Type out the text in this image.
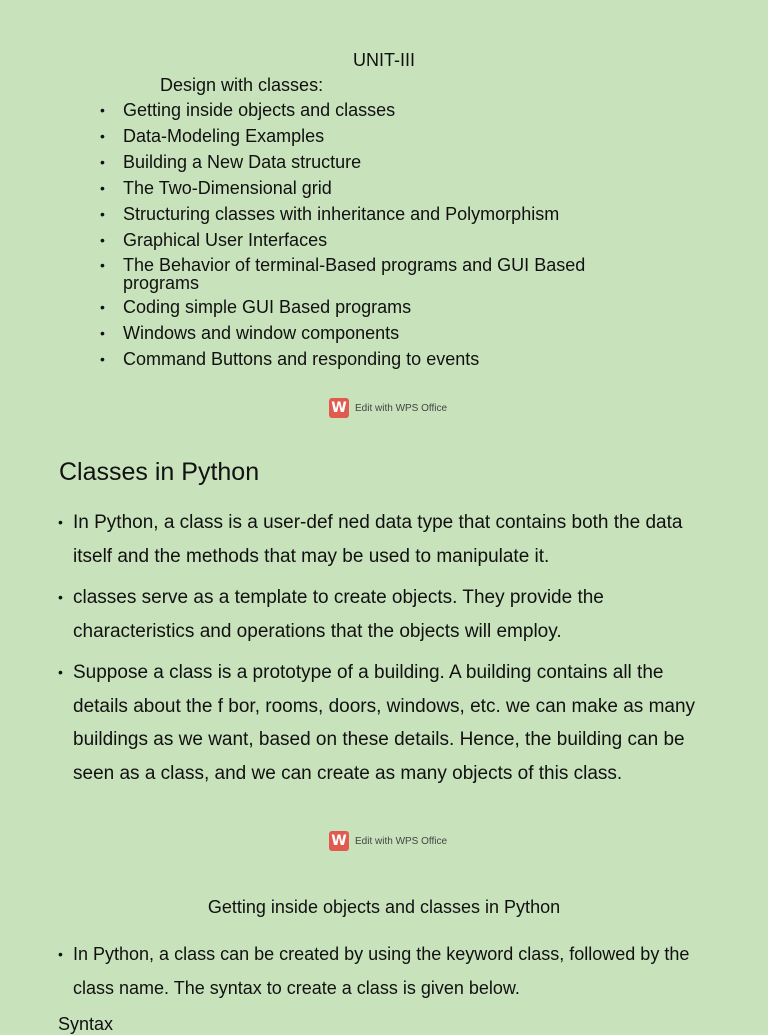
UNIT-III
Design with classes:
• Getting inside objects and classes
• Data-Modeling Examples
• Building a New Data structure
• The Two-Dimensional grid
• Structuring classes with inheritance and Polymorphism
• Graphical User Interfaces
• The Behavior of terminal-Based programs and GUI Based programs
• Coding simple GUI Based programs
• Windows and window components
• Command Buttons and responding to events
W Edit with WPS Office
Classes in Python
• In Python, a class is a user-def ned data type that contains both the data itself and the methods that may be used to manipulate it.
• classes serve as a template to create objects. They provide the characteristics and operations that the objects will employ.
• Suppose a class is a prototype of a building. A building contains all the details about the f bor, rooms, doors, windows, etc. we can make as many buildings as we want, based on these details. Hence, the building can be seen as a class, and we can create as many objects of this class.
W Edit with WPS Office
Getting inside objects and classes in Python
• In Python, a class can be created by using the keyword class, followed by the class name. The syntax to create a class is given below.
Syntax
